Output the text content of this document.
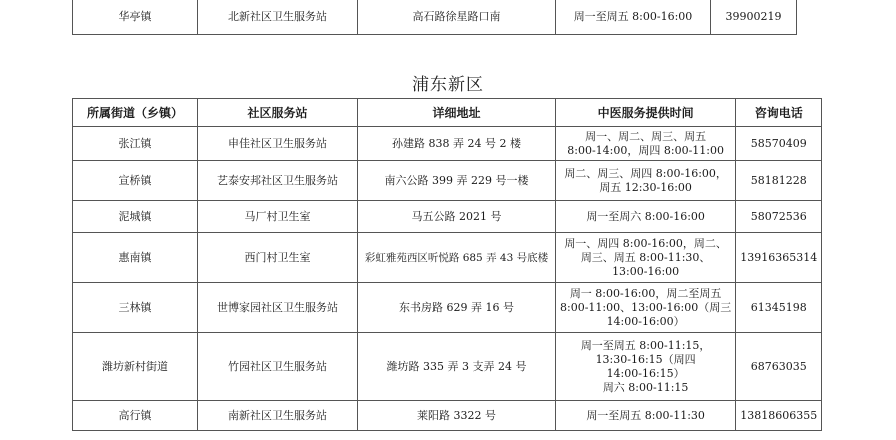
华亭镇	北新社区卫生服务站	高石路徐星路口南	周一至周五 8:00-16:00	39900219
浦东新区
所属街道（乡镇）	社区服务站	详细地址	中医服务提供时间	咨询电话
张江镇	申佳社区卫生服务站	孙建路 838 弄 24 号 2 楼	周一、周二、周三、周五
8:00-14:00，周四 8:00-11:00	58570409
宣桥镇	艺泰安邦社区卫生服务站	南六公路 399 弄 229 号一楼	周二、周三、周四 8:00-16:00，
周五 12:30-16:00	58181228
泥城镇	马厂村卫生室	马五公路 2021 号	周一至周六 8:00-16:00	58072536
惠南镇	西门村卫生室	彩虹雅苑西区听悦路 685 弄 43 号底楼	周一、周四 8:00-16:00，周二、
周三、周五 8:00-11:30、
13:00-16:00	13916365314
三林镇	世博家园社区卫生服务站	东书房路 629 弄 16 号	周一 8:00-16:00，周二至周五
8:00-11:00、13:00-16:00（周三
14:00-16:00）	61345198
潍坊新村街道	竹园社区卫生服务站	潍坊路 335 弄 3 支弄 24 号	周一至周五 8:00-11:15，
13:30-16:15（周四
14:00-16:15）
周六 8:00-11:15	68763035
高行镇	南新社区卫生服务站	莱阳路 3322 号	周一至周五 8:00-11:30	13818606355
